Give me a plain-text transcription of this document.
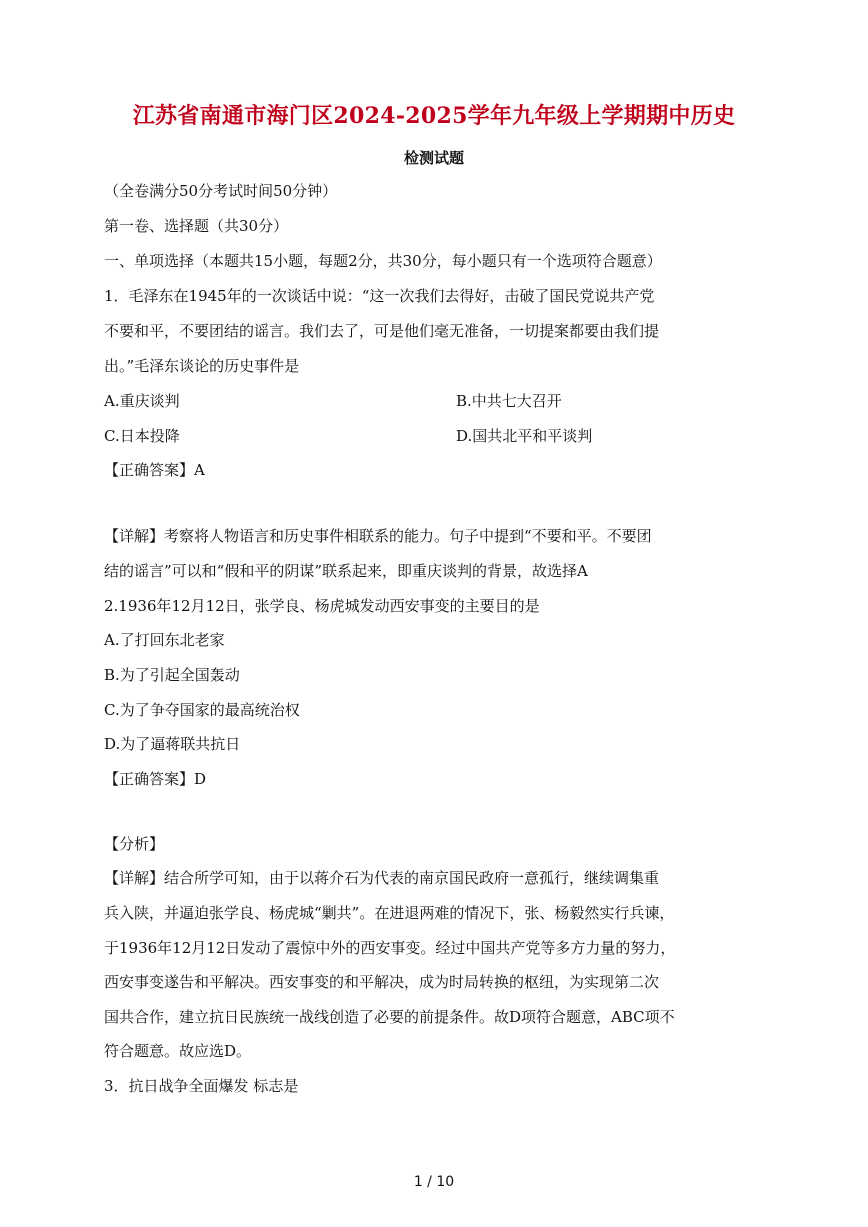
江苏省南通市海门区2024-2025学年九年级上学期期中历史
检测试题
（全卷满分50分考试时间50分钟）
第一卷、选择题（共30分）
一、单项选择（本题共15小题，每题2分，共30分，每小题只有一个选项符合题意）
1．毛泽东在1945年的一次谈话中说：“这一次我们去得好，击破了国民党说共产党
不要和平，不要团结的谣言。我们去了，可是他们毫无准备，一切提案都要由我们提
出。”毛泽东谈论的历史事件是
A.重庆谈判	B.中共七大召开
C.日本投降	D.国共北平和平谈判
【正确答案】A
【详解】考察将人物语言和历史事件相联系的能力。句子中提到“不要和平。不要团
结的谣言”可以和“假和平的阴谋”联系起来，即重庆谈判的背景，故选择A
2.1936年12月12日，张学良、杨虎城发动西安事变的主要目的是
A.了打回东北老家
B.为了引起全国轰动
C.为了争夺国家的最高统治权
D.为了逼蒋联共抗日
【正确答案】D
【分析】
【详解】结合所学可知，由于以蒋介石为代表的南京国民政府一意孤行，继续调集重
兵入陕，并逼迫张学良、杨虎城“剿共”。在进退两难的情况下，张、杨毅然实行兵谏，
于1936年12月12日发动了震惊中外的西安事变。经过中国共产党等多方力量的努力，
西安事变遂告和平解决。西安事变的和平解决，成为时局转换的枢纽，为实现第二次
国共合作，建立抗日民族统一战线创造了必要的前提条件。故D项符合题意，ABC项不
符合题意。故应选D。
3．抗日战争全面爆发 标志是
1 / 10
